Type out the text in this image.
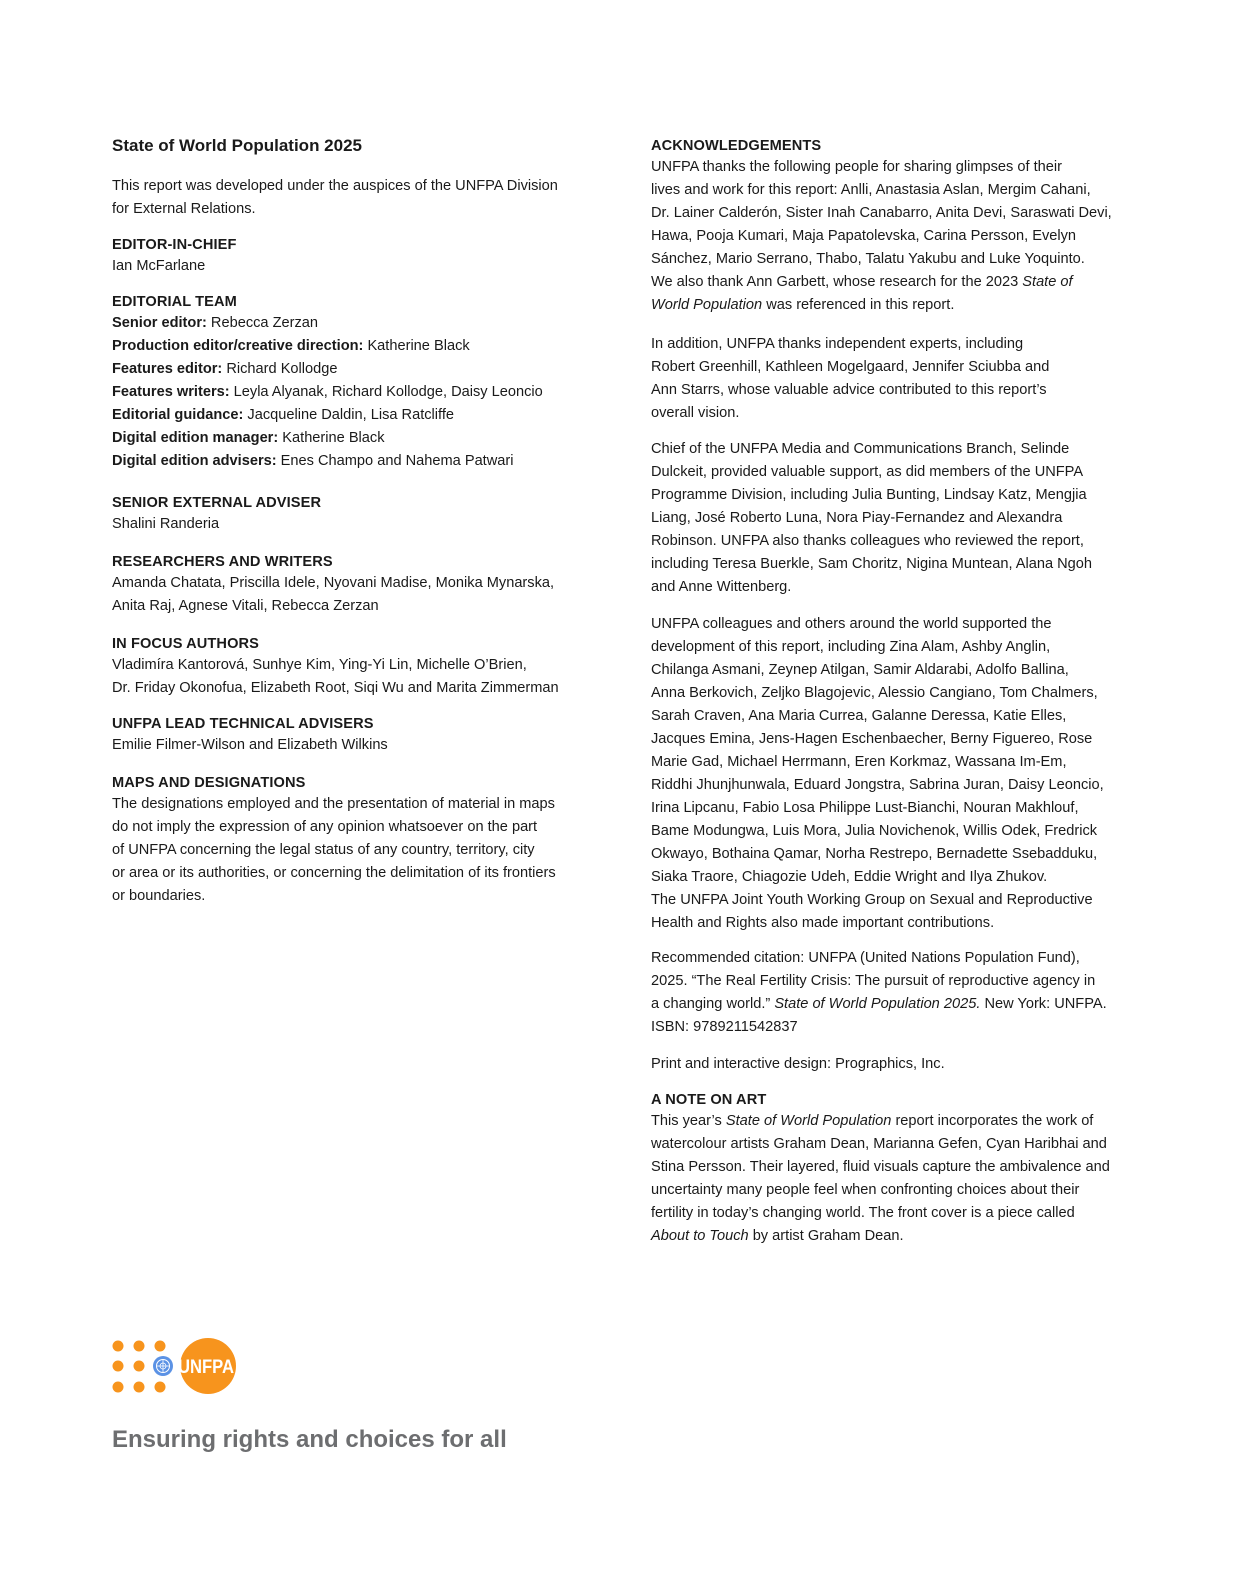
State of World Population 2025
This report was developed under the auspices of the UNFPA Division
for External Relations.

EDITOR-IN-CHIEF

Ian McFarlane

EDITORIAL TEAM

Senior editor: Rebecca Zerzan
Production editor/creative direction: Katherine Black
Features editor: Richard Kollodge
Features writers: Leyla Alyanak, Richard Kollodge, Daisy Leoncio
Editorial guidance: Jacqueline Daldin, Lisa Ratcliffe
Digital edition manager: Katherine Black
Digital edition advisers: Enes Champo and Nahema Patwari

SENIOR EXTERNAL ADVISER

Shalini Randeria

RESEARCHERS AND WRITERS

Amanda Chatata, Priscilla Idele, Nyovani Madise, Monika Mynarska,
Anita Raj, Agnese Vitali, Rebecca Zerzan

IN FOCUS AUTHORS

Vladimíra Kantorová, Sunhye Kim, Ying-Yi Lin, Michelle O’Brien,
Dr. Friday Okonofua, Elizabeth Root, Siqi Wu and Marita Zimmerman

UNFPA LEAD TECHNICAL ADVISERS

Emilie Filmer-Wilson and Elizabeth Wilkins

MAPS AND DESIGNATIONS

The designations employed and the presentation of material in maps
do not imply the expression of any opinion whatsoever on the part
of UNFPA concerning the legal status of any country, territory, city
or area or its authorities, or concerning the delimitation of its frontiers
or boundaries.

ACKNOWLEDGEMENTS

UNFPA thanks the following people for sharing glimpses of their
lives and work for this report: Anlli, Anastasia Aslan, Mergim Cahani,
Dr. Lainer Calderón, Sister Inah Canabarro, Anita Devi, Saraswati Devi,
Hawa, Pooja Kumari, Maja Papatolevska, Carina Persson, Evelyn
Sánchez, Mario Serrano, Thabo, Talatu Yakubu and Luke Yoquinto.
We also thank Ann Garbett, whose research for the 2023 State of
World Population was referenced in this report.
In addition, UNFPA thanks independent experts, including
Robert Greenhill, Kathleen Mogelgaard, Jennifer Sciubba and
Ann Starrs, whose valuable advice contributed to this report’s
overall vision.
Chief of the UNFPA Media and Communications Branch, Selinde
Dulckeit, provided valuable support, as did members of the UNFPA
Programme Division, including Julia Bunting, Lindsay Katz, Mengjia
Liang, José Roberto Luna, Nora Piay-Fernandez and Alexandra
Robinson. UNFPA also thanks colleagues who reviewed the report,
including Teresa Buerkle, Sam Choritz, Nigina Muntean, Alana Ngoh
and Anne Wittenberg.
UNFPA colleagues and others around the world supported the
development of this report, including Zina Alam, Ashby Anglin,
Chilanga Asmani, Zeynep Atilgan, Samir Aldarabi, Adolfo Ballina,
Anna Berkovich, Zeljko Blagojevic, Alessio Cangiano, Tom Chalmers,
Sarah Craven, Ana Maria Currea, Galanne Deressa, Katie Elles,
Jacques Emina, Jens-Hagen Eschenbaecher, Berny Figuereo, Rose
Marie Gad, Michael Herrmann, Eren Korkmaz, Wassana Im-Em,
Riddhi Jhunjhunwala, Eduard Jongstra, Sabrina Juran, Daisy Leoncio,
Irina Lipcanu, Fabio Losa Philippe Lust-Bianchi, Nouran Makhlouf,
Bame Modungwa, Luis Mora, Julia Novichenok, Willis Odek, Fredrick
Okwayo, Bothaina Qamar, Norha Restrepo, Bernadette Ssebadduku,
Siaka Traore, Chiagozie Udeh, Eddie Wright and Ilya Zhukov.
The UNFPA Joint Youth Working Group on Sexual and Reproductive
Health and Rights also made important contributions.
Recommended citation: UNFPA (United Nations Population Fund),
2025. “The Real Fertility Crisis: The pursuit of reproductive agency in
a changing world.” State of World Population 2025. New York: UNFPA.
ISBN: 9789211542837

Print and interactive design: Prographics, Inc.

A NOTE ON ART

This year’s State of World Population report incorporates the work of
watercolour artists Graham Dean, Marianna Gefen, Cyan Haribhai and
Stina Persson. Their layered, fluid visuals capture the ambivalence and
uncertainty many people feel when confronting choices about their
fertility in today’s changing world. The front cover is a piece called
About to Touch by artist Graham Dean.
UNFPA

Ensuring rights and choices for all
